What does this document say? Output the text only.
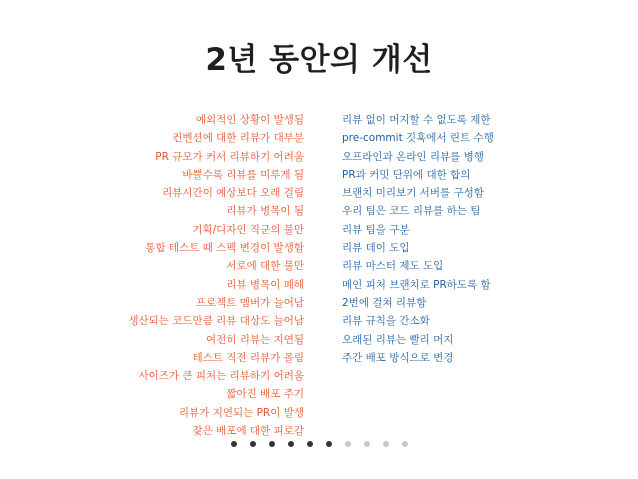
2년 동안의 개선
예외적인 상황이 발생됨
컨벤션에 대한 리뷰가 대부분
PR 규모가 커서 리뷰하기 어려움
바쁠수록 리뷰를 미루게 됨
리뷰시간이 예상보다 오래 걸림
리뷰가 병목이 됨
기획/디자인 직군의 불만
통합 테스트 때 스펙 변경이 발생함
서로에 대한 불만
리뷰 병목이 폐해
프로젝트 멤버가 늘어남
생산되는 코드만큼 리뷰 대상도 늘어남
여전히 리뷰는 지연됨
테스트 직전 리뷰가 몰림
사이즈가 큰 피처는 리뷰하기 어려움
짧아진 배포 주기
리뷰가 지연되는 PR이 발생
잦은 배포에 대한 피로감
리뷰 없이 머지할 수 없도록 제한
pre-commit 깃훅에서 린트 수행
오프라인과 온라인 리뷰를 병행
PR과 커밋 단위에 대한 합의
브랜치 미리보기 서버를 구성함
우리 팀은 코드 리뷰를 하는 팀
리뷰 팀을 구분
리뷰 데이 도입
리뷰 마스터 제도 도입
메인 피처 브랜치로 PR하도록 함
2번에 걸쳐 리뷰함
리뷰 규칙을 간소화
오래된 리뷰는 빨리 머지
주간 배포 방식으로 변경
